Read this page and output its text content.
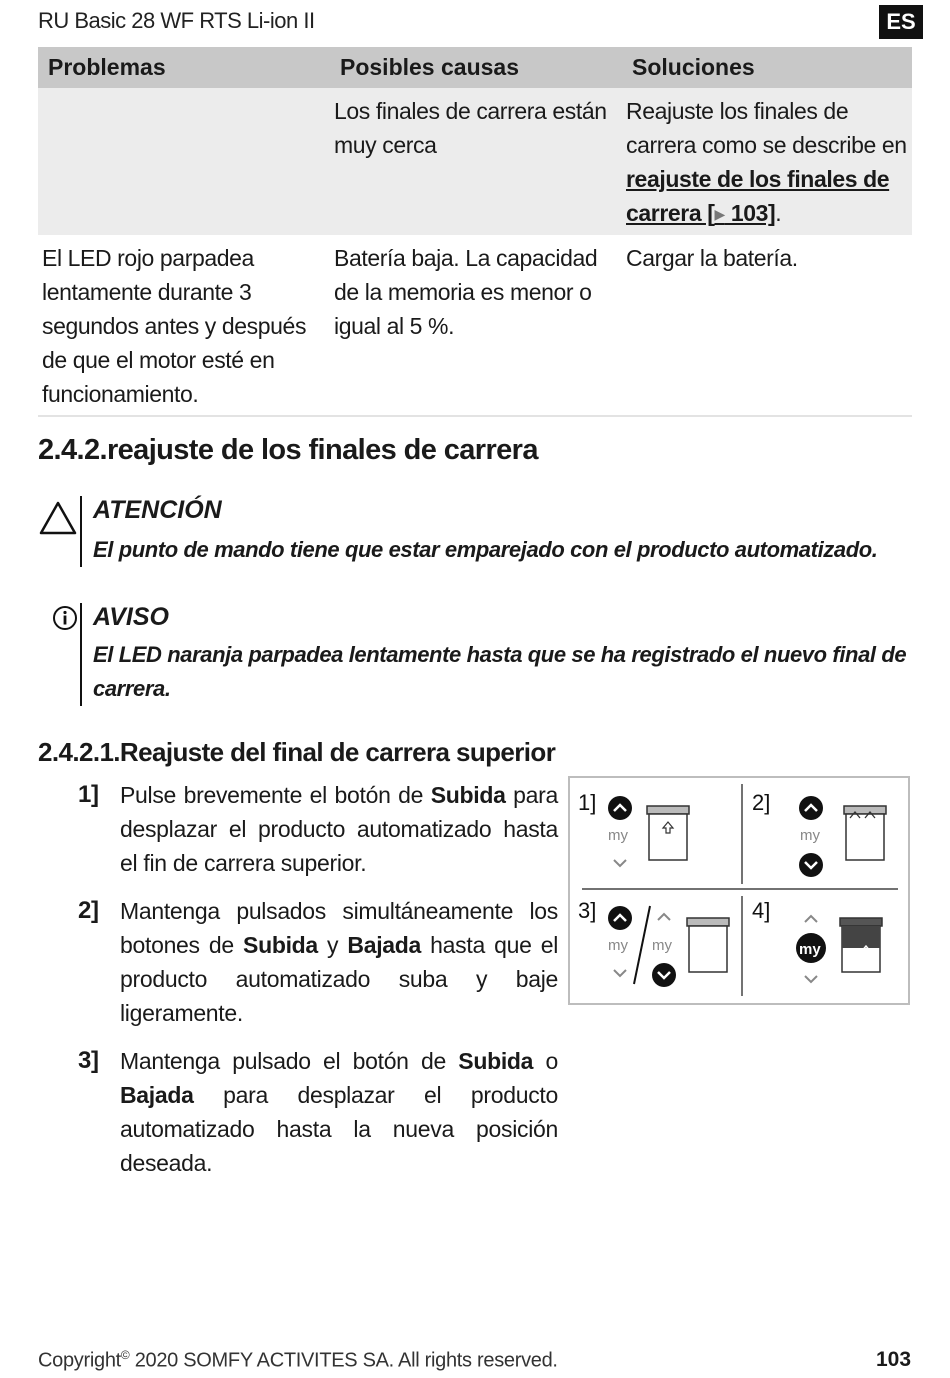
RU Basic 28 WF RTS Li-ion II	ES
Problemas	Posibles causas	Soluciones
	Los finales de carrera están muy cerca	Reajuste los finales de carrera como se describe en reajuste de los finales de carrera [▶ 103].
El LED rojo parpadea lentamente durante 3 segundos antes y después de que el motor esté en funcionamiento.	Batería baja. La capacidad de la memoria es menor o igual al 5 %.	Cargar la batería.
2.4.2.reajuste de los finales de carrera
ATENCIÓN
El punto de mando tiene que estar emparejado con el producto automatizado.
AVISO
El LED naranja parpadea lentamente hasta que se ha registrado el nuevo final de carrera.
2.4.2.1.Reajuste del final de carrera superior
1] Pulse brevemente el botón de Subida para desplazar el producto automatizado hasta el fin de carrera superior.
2] Mantenga pulsados simultáneamente los botones de Subida y Bajada hasta que el producto automatizado suba y baje ligeramente.
3] Mantenga pulsado el botón de Subida o Bajada para desplazar el producto automatizado hasta la nueva posición deseada.
1]
my
2]
my
3]
my my
4]
my
Copyright© 2020 SOMFY ACTIVITES SA. All rights reserved.	103
